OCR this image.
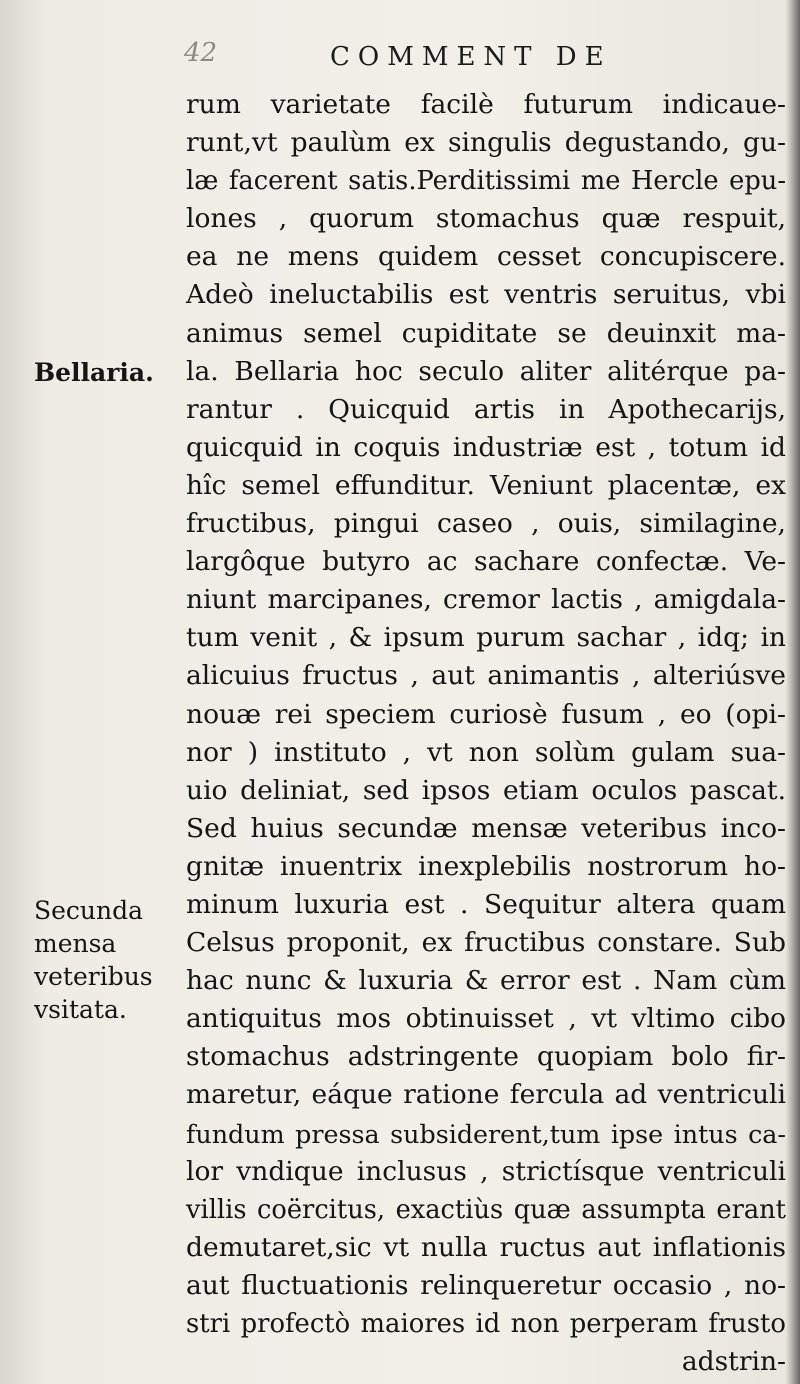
42	COMMENT DE
Bellaria.
Secunda
mensa
veteribus
vsitata.
rum varietate facilè futurum indicaue-
runt,vt paulùm ex singulis degustando, gu-
læ facerent satis.Perditissimi me Hercle epu-
lones , quorum stomachus quæ respuit,
ea ne mens quidem cesset concupiscere.
Adeò ineluctabilis est ventris seruitus, vbi
animus semel cupiditate se deuinxit ma-
la. Bellaria hoc seculo aliter alitérque pa-
rantur . Quicquid artis in Apothecarijs,
quicquid in coquis industriæ est , totum id
hîc semel effunditur. Veniunt placentæ, ex
fructibus, pingui caseo , ouis, similagine,
largôque butyro ac sachare confectæ. Ve-
niunt marcipanes, cremor lactis , amigdala-
tum venit , & ipsum purum sachar , idq; in
alicuius fructus , aut animantis , alteriúsve
nouæ rei speciem curiosè fusum , eo (opi-
nor ) instituto , vt non solùm gulam sua-
uio deliniat, sed ipsos etiam oculos pascat.
Sed huius secundæ mensæ veteribus inco-
gnitæ inuentrix inexplebilis nostrorum ho-
minum luxuria est . Sequitur altera quam
Celsus proponit, ex fructibus constare. Sub
hac nunc & luxuria & error est . Nam cùm
antiquitus mos obtinuisset , vt vltimo cibo
stomachus adstringente quopiam bolo fir-
maretur, eáque ratione fercula ad ventriculi
fundum pressa subsiderent,tum ipse intus ca-
lor vndique inclusus , strictísque ventriculi
villis coërcitus, exactiùs quæ assumpta erant
demutaret,sic vt nulla ructus aut inflationis
aut fluctuationis relinqueretur occasio , no-
stri profectò maiores id non perperam frusto
adstrin-
